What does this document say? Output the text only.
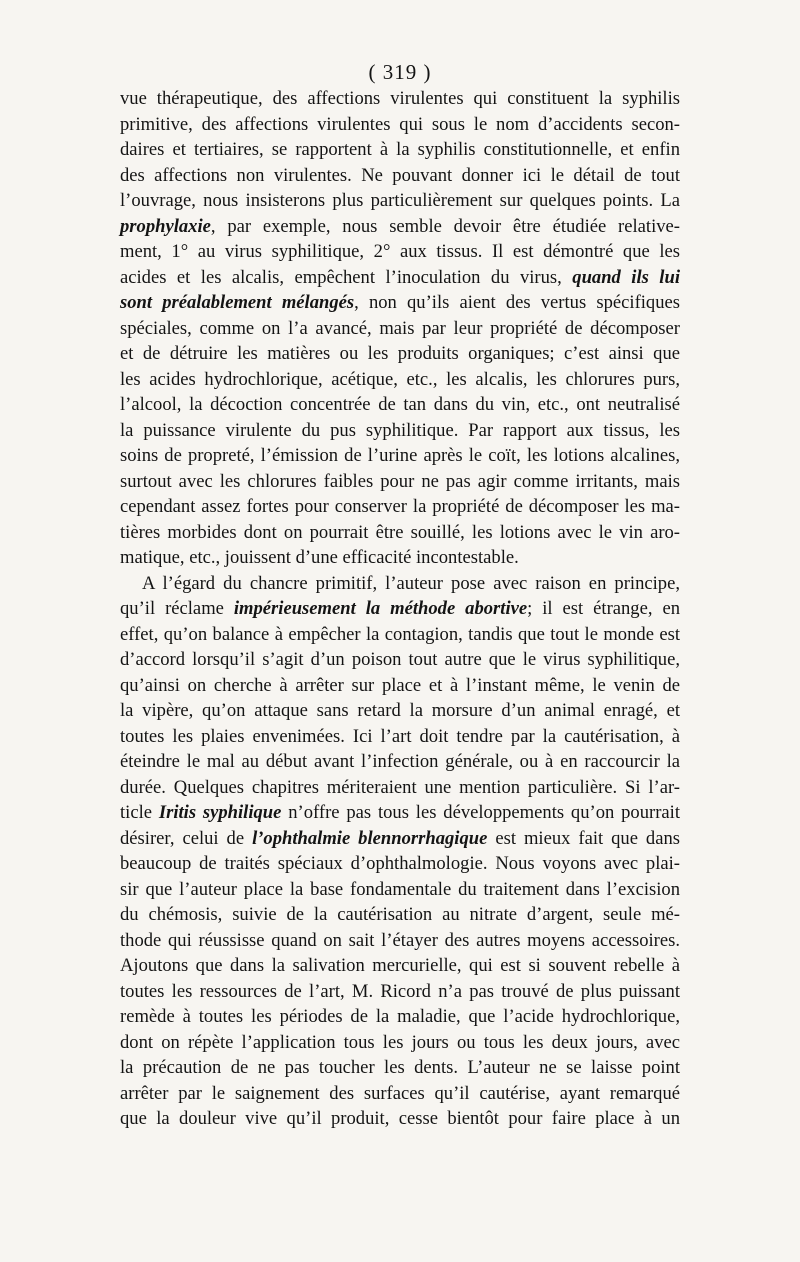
( 319 )
vue thérapeutique, des affections virulentes qui constituent la syphilis
primitive, des affections virulentes qui sous le nom d’accidents secon-
daires et tertiaires, se rapportent à la syphilis constitutionnelle, et enfin
des affections non virulentes. Ne pouvant donner ici le détail de tout
l’ouvrage, nous insisterons plus particulièrement sur quelques points. La
prophylaxie, par exemple, nous semble devoir être étudiée relative-
ment, 1° au virus syphilitique, 2° aux tissus. Il est démontré que les
acides et les alcalis, empêchent l’inoculation du virus, quand ils lui
sont préalablement mélangés, non qu’ils aient des vertus spécifiques
spéciales, comme on l’a avancé, mais par leur propriété de décomposer
et de détruire les matières ou les produits organiques; c’est ainsi que
les acides hydrochlorique, acétique, etc., les alcalis, les chlorures purs,
l’alcool, la décoction concentrée de tan dans du vin, etc., ont neutralisé
la puissance virulente du pus syphilitique. Par rapport aux tissus, les
soins de propreté, l’émission de l’urine après le coït, les lotions alcalines,
surtout avec les chlorures faibles pour ne pas agir comme irritants, mais
cependant assez fortes pour conserver la propriété de décomposer les ma-
tières morbides dont on pourrait être souillé, les lotions avec le vin aro-
matique, etc., jouissent d’une efficacité incontestable.
A l’égard du chancre primitif, l’auteur pose avec raison en principe,
qu’il réclame impérieusement la méthode abortive; il est étrange, en
effet, qu’on balance à empêcher la contagion, tandis que tout le monde est
d’accord lorsqu’il s’agit d’un poison tout autre que le virus syphilitique,
qu’ainsi on cherche à arrêter sur place et à l’instant même, le venin de
la vipère, qu’on attaque sans retard la morsure d’un animal enragé, et
toutes les plaies envenimées. Ici l’art doit tendre par la cautérisation, à
éteindre le mal au début avant l’infection générale, ou à en raccourcir la
durée. Quelques chapitres mériteraient une mention particulière. Si l’ar-
ticle Iritis syphilique n’offre pas tous les développements qu’on pourrait
désirer, celui de l’ophthalmie blennorrhagique est mieux fait que dans
beaucoup de traités spéciaux d’ophthalmologie. Nous voyons avec plai-
sir que l’auteur place la base fondamentale du traitement dans l’excision
du chémosis, suivie de la cautérisation au nitrate d’argent, seule mé-
thode qui réussisse quand on sait l’étayer des autres moyens accessoires.
Ajoutons que dans la salivation mercurielle, qui est si souvent rebelle à
toutes les ressources de l’art, M. Ricord n’a pas trouvé de plus puissant
remède à toutes les périodes de la maladie, que l’acide hydrochlorique,
dont on répète l’application tous les jours ou tous les deux jours, avec
la précaution de ne pas toucher les dents. L’auteur ne se laisse point
arrêter par le saignement des surfaces qu’il cautérise, ayant remarqué
que la douleur vive qu’il produit, cesse bientôt pour faire place à un
